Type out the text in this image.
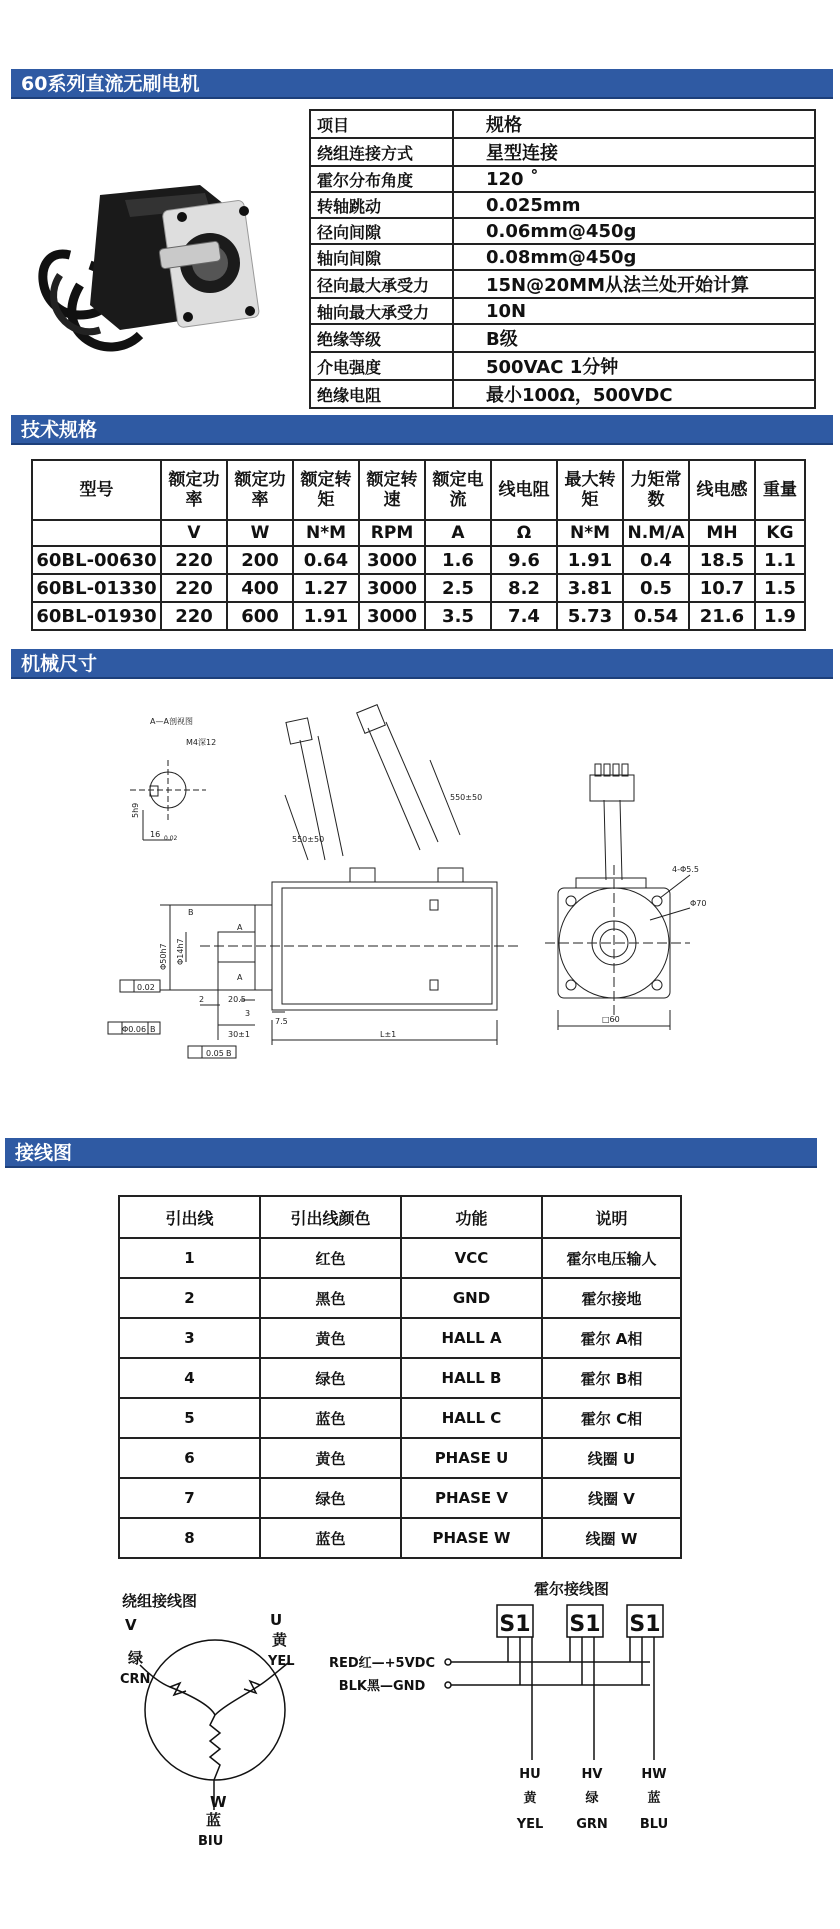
60系列直流无刷电机
项目	规格
绕组连接方式	星型连接
霍尔分布角度	120 ˚
转轴跳动	0.025mm
径向间隙	0.06mm@450g
轴向间隙	0.08mm@450g
径向最大承受力	15N@20MM从法兰处开始计算
轴向最大承受力	10N
绝缘等级	B级
介电强度	500VAC 1分钟
绝缘电阻	最小100Ω，500VDC
技术规格
型号	额定功率	额定功率	额定转矩	额定转速	额定电流	线电阻	最大转矩	力矩常数	线电感	重量
	V	W	N*M	RPM	A	Ω	N*M	N.M/A	MH	KG
60BL-00630	220	200	0.64	3000	1.6	9.6	1.91	0.4	18.5	1.1
60BL-01330	220	400	1.27	3000	2.5	8.2	3.81	0.5	10.7	1.5
60BL-01930	220	600	1.91	3000	3.5	7.4	5.73	0.54	21.6	1.9
机械尺寸
A—A剖视图
M4深12
5h9
16 0.02	550±50
550±50
Φ50h7 Φ14h7
A
A
B
0.02
2	20.5
Φ0.06 B
3
7.5
30±1	L±1
0.05 B
4-Φ5.5
Φ70
□60
接线图
引出线	引出线颜色	功能	说明
1	红色	VCC	霍尔电压输人
2	黑色	GND	霍尔接地
3	黄色	HALL A	霍尔 A相
4	绿色	HALL B	霍尔 B相
5	蓝色	HALL C	霍尔 C相
6	黄色	PHASE U	线圈 U
7	绿色	PHASE V	线圈 V
8	蓝色	PHASE W	线圈 W
V
绿
CRN
U
黄
YEL
W
蓝
BIU
绕组接线图
霍尔接线图
S1 S1 S1
RED红—+5VDC
BLK黑—GND
HU
黄
YEL
HV
绿
GRN
HW
蓝
BLU
